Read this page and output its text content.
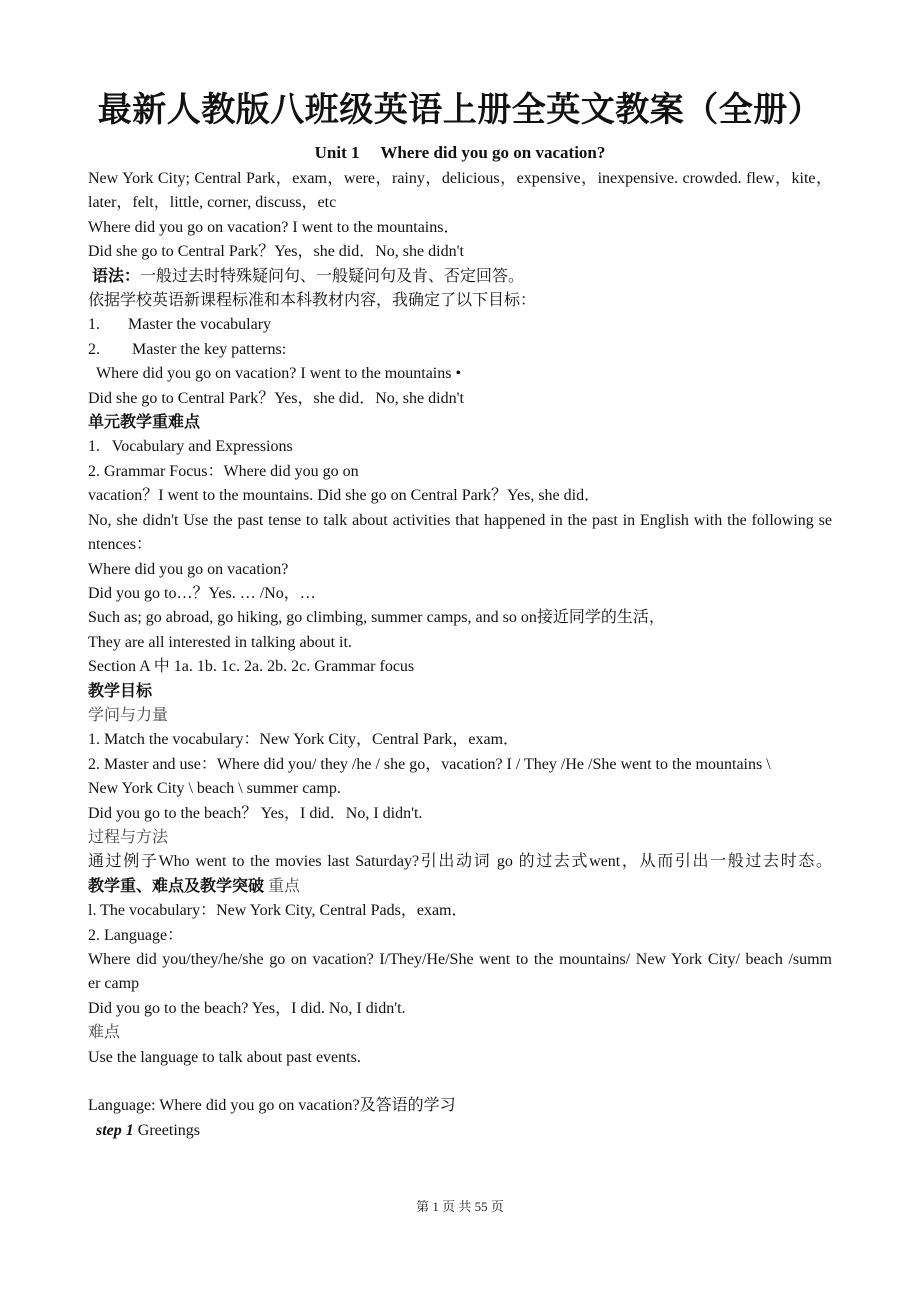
最新人教版八班级英语上册全英文教案（全册）
Unit 1     Where did you go on vacation?
New York City; Central Park，exam，were，rainy，delicious，expensive，inexpensive. crowded. flew，kite，
later，felt，little, corner, discuss，etc
Where did you go on vacation? I went to the mountains．
Did she go to Central Park？Yes，she did．No, she didn't
语法：一般过去时特殊疑问句、一般疑问句及肯、否定回答。
依据学校英语新课程标准和本科教材内容，我确定了以下目标：
1.       Master the vocabulary
2.        Master the key patterns:
Where did you go on vacation? I went to the mountains •
Did she go to Central Park？Yes，she did．No, she didn't
单元教学重难点
1.   Vocabulary and Expressions
2. Grammar Focus：Where did you go on
vacation？I went to the mountains. Did she go on Central Park？Yes, she did．
No, she didn't Use the past tense to talk about activities that happened in the past in English with the following se
ntences：
Where did you go on vacation?
Did you go to…？Yes. … /No，…
Such as; go abroad, go hiking, go climbing, summer camps, and so on接近同学的生活，
They are all interested in talking about it.
Section A 中 1a. 1b. 1c. 2a. 2b. 2c. Grammar focus
教学目标
学问与力量
1. Match the vocabulary：New York City，Central Park，exam．
2. Master and use：Where did you/ they /he / she go，vacation? I / They /He /She went to the mountains \
New York City \ beach \ summer camp.
Did you go to the beach？ Yes，I did．No, I didn't.
过程与方法
通过例子Who went to the movies last Saturday?引出动词 go 的过去式went，从而引出一般过去时态。
教学重、难点及教学突破 重点
l. The vocabulary：New York City, Central Pads，exam．
2. Language：
Where did you/they/he/she go on vacation? I/They/He/She went to the mountains/ New York City/ beach /summ
er camp
Did you go to the beach? Yes，I did. No, I didn't.
难点
Use the language to talk about past events.

Language: Where did you go on vacation?及答语的学习
step 1 Greetings
第 1 页 共 55 页
